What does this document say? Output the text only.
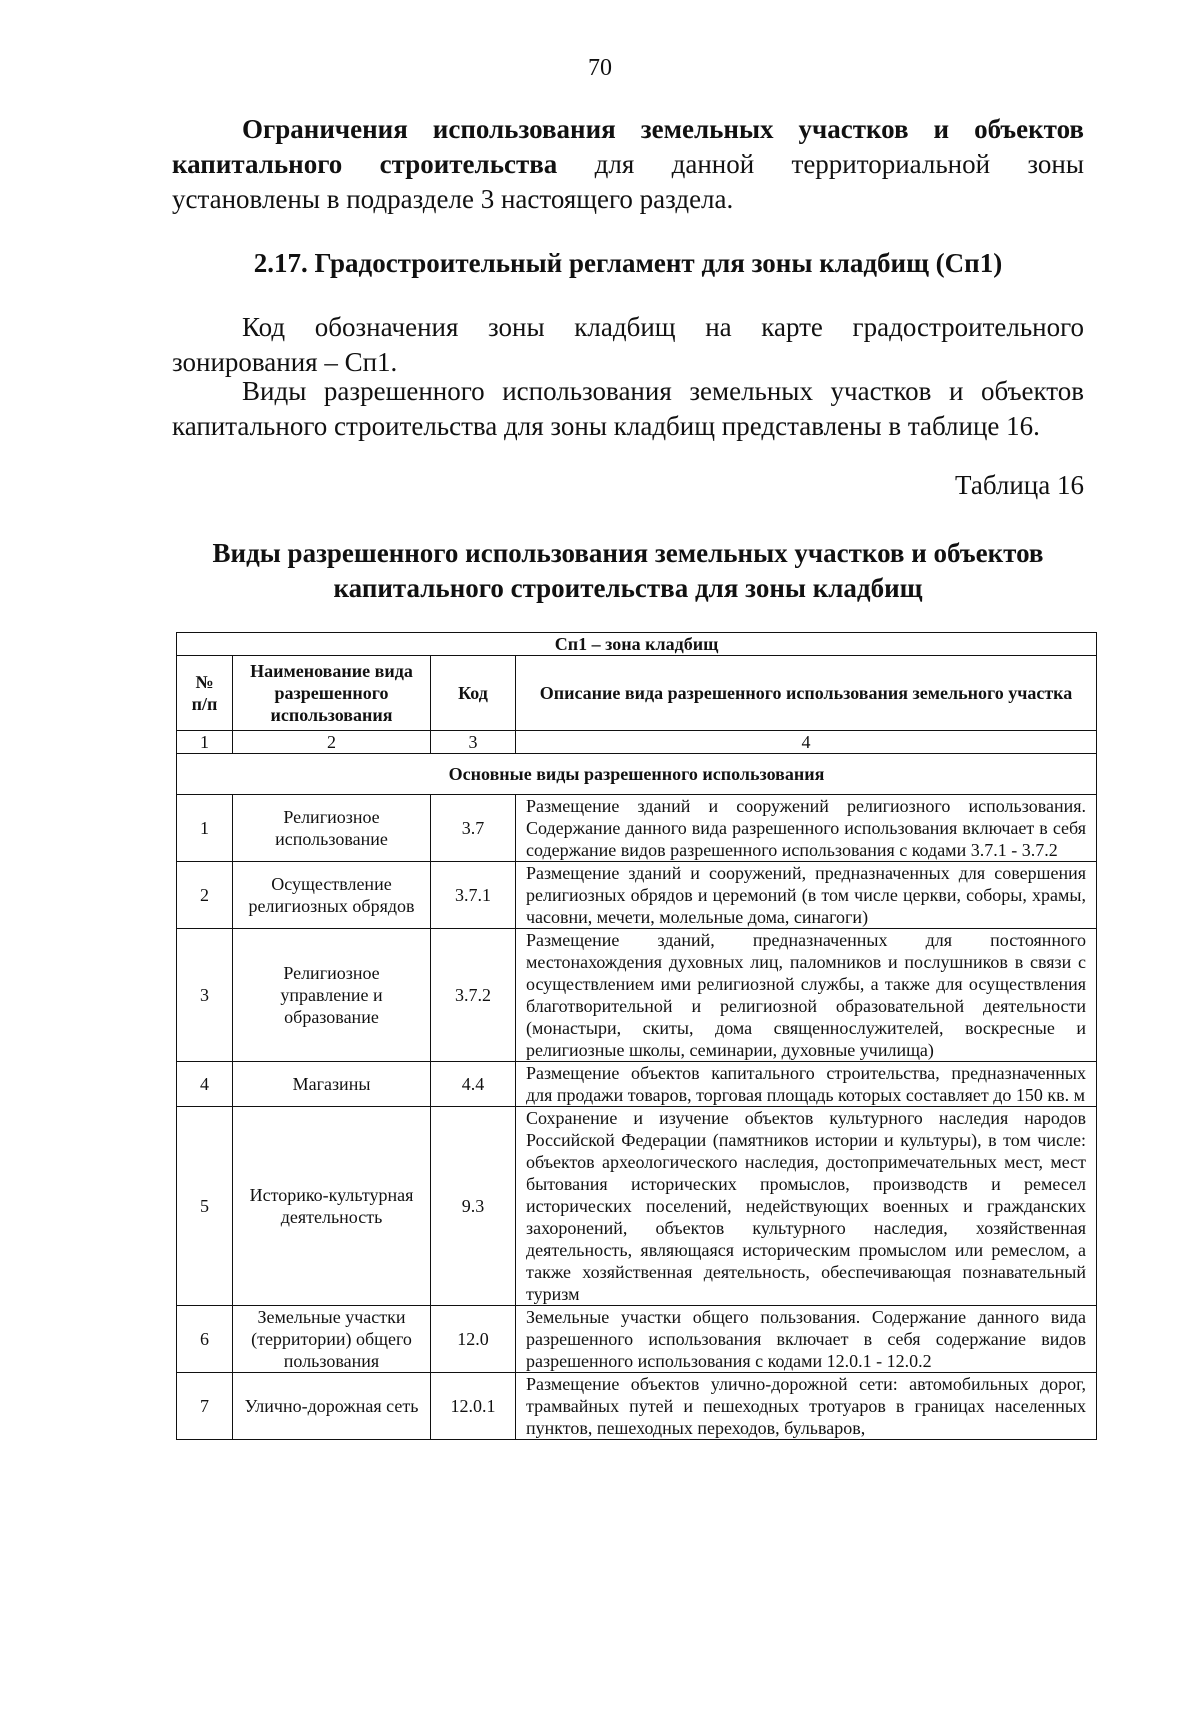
70
Ограничения использования земельных участков и объектов капитального строительства для данной территориальной зоны установлены в подразделе 3 настоящего раздела.
2.17. Градостроительный регламент для зоны кладбищ (Сп1)
Код обозначения зоны кладбищ на карте градостроительного зонирования – Сп1.
Виды разрешенного использования земельных участков и объектов капитального строительства для зоны кладбищ представлены в таблице 16.
Таблица 16
Виды разрешенного использования земельных участков и объектов капитального строительства для зоны кладбищ
Сп1 – зона кладбищ			
№ п/п	Наименование вида разрешенного использования	Код	Описание вида разрешенного использования земельного участка
1	2	3	4
Основные виды разрешенного использования			
1	Религиозное использование	3.7	Размещение зданий и сооружений религиозного использования. Содержание данного вида разрешенного использования включает в себя содержание видов разрешенного использования с кодами 3.7.1 - 3.7.2
2	Осуществление религиозных обрядов	3.7.1	Размещение зданий и сооружений, предназначенных для совершения религиозных обрядов и церемоний (в том числе церкви, соборы, храмы, часовни, мечети, молельные дома, синагоги)
3	Религиозное управление и образование	3.7.2	Размещение зданий, предназначенных для постоянного местонахождения духовных лиц, паломников и послушников в связи с осуществлением ими религиозной службы, а также для осуществления благотворительной и религиозной образовательной деятельности (монастыри, скиты, дома священнослужителей, воскресные и религиозные школы, семинарии, духовные училища)
4	Магазины	4.4	Размещение объектов капитального строительства, предназначенных для продажи товаров, торговая площадь которых составляет до 150 кв. м
5	Историко-культурная деятельность	9.3	Сохранение и изучение объектов культурного наследия народов Российской Федерации (памятников истории и культуры), в том числе: объектов археологического наследия, достопримечательных мест, мест бытования исторических промыслов, производств и ремесел исторических поселений, недействующих военных и гражданских захоронений, объектов культурного наследия, хозяйственная деятельность, являющаяся историческим промыслом или ремеслом, а также хозяйственная деятельность, обеспечивающая познавательный туризм
6	Земельные участки (территории) общего пользования	12.0	Земельные участки общего пользования. Содержание данного вида разрешенного использования включает в себя содержание видов разрешенного использования с кодами 12.0.1 - 12.0.2
7	Улично-дорожная сеть	12.0.1	Размещение объектов улично-дорожной сети: автомобильных дорог, трамвайных путей и пешеходных тротуаров в границах населенных пунктов, пешеходных переходов, бульваров,
